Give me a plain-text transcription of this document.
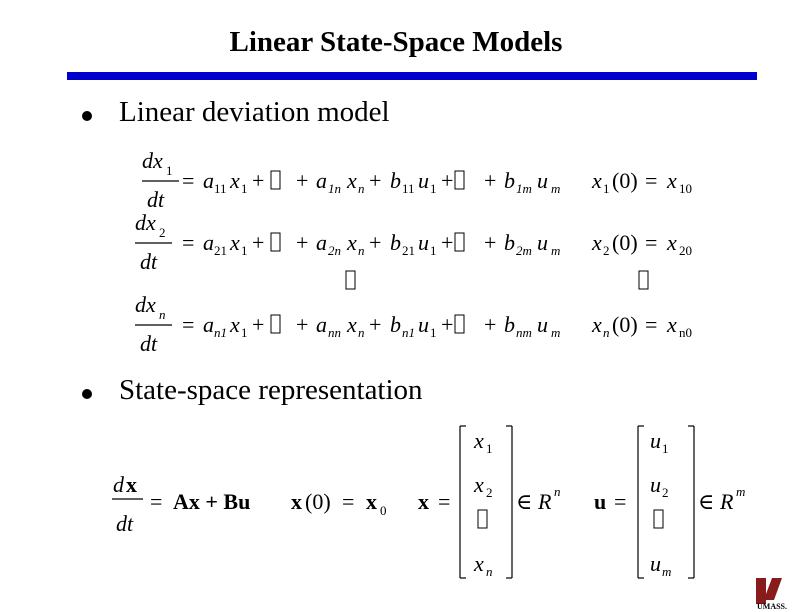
Linear State-Space Models
Linear deviation model
State-space representation
dx 1
dt
= a 11 x 1 + + a 1n x n + b 11 u 1 + + b 1m u m x 1 (0) = x 10
dx 2
dt
= a 21 x 1 + + a 2n x n + b 21 u 1 + + b 2m u m x 2 (0) = x 20
dx n
dt
= a n1 x 1 + + a nn x n + b n1 u 1 + + b nm u m x n (0) = x n0
d x
dt
= Ax + Bu x (0) = x 0 x =
x 1
x 2
x n
∈ R n u =
u 1
u 2
u m
∈ R m
UMASS.
